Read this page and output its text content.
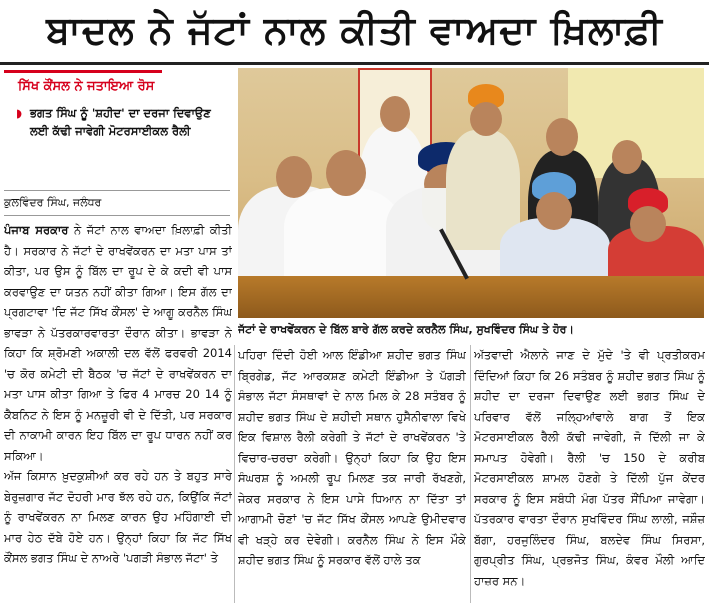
ਬਾਦਲ ਨੇ ਜੱਟਾਂ ਨਾਲ ਕੀਤੀ ਵਾਅਦਾ ਖ਼ਿਲਾਫ਼ੀ
ਸਿੱਖ ਕੌਂਸਲ ਨੇ ਜਤਾਇਆ ਰੋਸ
◗ ਭਗਤ ਸਿੰਘ ਨੂੰ 'ਸ਼ਹੀਦ' ਦਾ ਦਰਜਾ ਦਿਵਾਉਣ ਲਈ ਕੱਢੀ ਜਾਵੇਗੀ ਮੋਟਰਸਾਈਕਲ ਰੈਲੀ
ਕੁਲਵਿੰਦਰ ਸਿੰਘ, ਜਲੰਧਰ
ਪੰਜਾਬ ਸਰਕਾਰ ਨੇ ਜੱਟਾਂ ਨਾਲ ਵਾਅਦਾ ਖ਼ਿਲਾਫ਼ੀ ਕੀਤੀ ਹੈ। ਸਰਕਾਰ ਨੇ ਜੱਟਾਂ ਦੇ ਰਾਖਵੇਂਕਰਨ ਦਾ ਮਤਾ ਪਾਸ ਤਾਂ ਕੀਤਾ, ਪਰ ਉਸ ਨੂੰ ਬਿੱਲ ਦਾ ਰੂਪ ਦੇ ਕੇ ਕਦੀ ਵੀ ਪਾਸ ਕਰਵਾਉਣ ਦਾ ਯਤਨ ਨਹੀਂ ਕੀਤਾ ਗਿਆ। ਇਸ ਗੱਲ ਦਾ ਪ੍ਰਗਟਾਵਾ 'ਦਿ ਜੱਟ ਸਿੱਖ ਕੌਂਸਲ' ਦੇ ਆਗੂ ਕਰਨੈਲ ਸਿੰਘ ਭਾਵੜਾ ਨੇ ਪੱਤਰਕਾਰਵਾਰਤਾ ਦੌਰਾਨ ਕੀਤਾ। ਭਾਵੜਾ ਨੇ ਕਿਹਾ ਕਿ ਸ਼੍ਰੋਮਣੀ ਅਕਾਲੀ ਦਲ ਵੱਲੋਂ ਫਰਵਰੀ 2014 'ਚ ਕੋਰ ਕਮੇਟੀ ਦੀ ਬੈਠਕ 'ਚ ਜੱਟਾਂ ਦੇ ਰਾਖਵੇਂਕਰਨ ਦਾ ਮਤਾ ਪਾਸ ਕੀਤਾ ਗਿਆ ਤੇ ਫਿਰ 4 ਮਾਰਚ 20 14 ਨੂੰ ਕੈਬਨਿਟ ਨੇ ਇਸ ਨੂੰ ਮਨਜ਼ੂਰੀ ਵੀ ਦੇ ਦਿੱਤੀ, ਪਰ ਸਰਕਾਰ ਦੀ ਨਾਕਾਮੀ ਕਾਰਨ ਇਹ ਬਿੱਲ ਦਾ ਰੂਪ ਧਾਰਨ ਨਹੀਂ ਕਰ ਸਕਿਆ।
ਜੱਟਾਂ ਦੇ ਰਾਖਵੇਂਕਰਨ ਦੇ ਬਿੱਲ ਬਾਰੇ ਗੱਲ ਕਰਦੇ ਕਰਨੈਲ ਸਿੰਘ, ਸੁਖਵਿੰਦਰ ਸਿੰਘ ਤੇ ਹੋਰ।
ਅੱਜ ਕਿਸਾਨ ਖ਼ੁਦਕੁਸ਼ੀਆਂ ਕਰ ਰਹੇ ਹਨ ਤੇ ਬਹੁਤ ਸਾਰੇ ਬੇਰੁਜ਼ਗਾਰ ਜੱਟ ਦੋਹਰੀ ਮਾਰ ਝੱਲ ਰਹੇ ਹਨ, ਕਿਉਂਕਿ ਜੱਟਾਂ ਨੂੰ ਰਾਖਵੇਂਕਰਨ ਨਾ ਮਿਲਣ ਕਾਰਨ ਉਹ ਮਹਿੰਗਾਈ ਦੀ ਮਾਰ ਹੇਠ ਦੱਬੇ ਹੋਏ ਹਨ। ਉਨ੍ਹਾਂ ਕਿਹਾ ਕਿ ਜੱਟ ਸਿੱਖ ਕੌਂਸਲ ਭਗਤ ਸਿੰਘ ਦੇ ਨਾਅਰੇ 'ਪਗੜੀ ਸੰਭਾਲ ਜੱਟਾ' ਤੇ
ਪਹਿਰਾ ਦਿੰਦੀ ਹੋਈ ਆਲ ਇੰਡੀਆ ਸ਼ਹੀਦ ਭਗਤ ਸਿੰਘ ਬ੍ਰਿਗੇਡ, ਜੱਟ ਆਰਕਸ਼ਣ ਕਮੇਟੀ ਇੰਡੀਆ ਤੇ ਪੱਗੜੀ ਸੰਭਾਲ ਜੱਟਾ ਸੰਸਥਾਵਾਂ ਦੇ ਨਾਲ ਮਿਲ ਕੇ 28 ਸਤੰਬਰ ਨੂੰ ਸ਼ਹੀਦ ਭਗਤ ਸਿੰਘ ਦੇ ਸ਼ਹੀਦੀ ਸਥਾਨ ਹੁਸੈਨੀਵਾਲਾ ਵਿਖੇ ਇਕ ਵਿਸ਼ਾਲ ਰੈਲੀ ਕਰੇਗੀ ਤੇ ਜੱਟਾਂ ਦੇ ਰਾਖਵੇਂਕਰਨ 'ਤੇ ਵਿਚਾਰ-ਚਰਚਾ ਕਰੇਗੀ। ਉਨ੍ਹਾਂ ਕਿਹਾ ਕਿ ਉਹ ਇਸ ਸੰਘਰਸ਼ ਨੂੰ ਅਮਲੀ ਰੂਪ ਮਿਲਣ ਤਕ ਜਾਰੀ ਰੱਖਣਗੇ, ਜੇਕਰ ਸਰਕਾਰ ਨੇ ਇਸ ਪਾਸੇ ਧਿਆਨ ਨਾ ਦਿੱਤਾ ਤਾਂ ਆਗਾਮੀ ਚੋਣਾਂ 'ਚ ਜੱਟ ਸਿੱਖ ਕੌਂਸਲ ਆਪਣੇ ਉਮੀਦਵਾਰ ਵੀ ਖੜ੍ਹੇ ਕਰ ਦੇਵੇਗੀ। ਕਰਨੈਲ ਸਿੰਘ ਨੇ ਇਸ ਮੌਕੇ ਸ਼ਹੀਦ ਭਗਤ ਸਿੰਘ ਨੂੰ ਸਰਕਾਰ ਵੱਲੋਂ ਹਾਲੇ ਤਕ
ਅੱਤਵਾਦੀ ਐਲਾਨੇ ਜਾਣ ਦੇ ਮੁੱਦੇ 'ਤੇ ਵੀ ਪ੍ਰਤੀਕਰਮ ਦਿੰਦਿਆਂ ਕਿਹਾ ਕਿ 26 ਸਤੰਬਰ ਨੂੰ ਸ਼ਹੀਦ ਭਗਤ ਸਿੰਘ ਨੂੰ ਸ਼ਹੀਦ ਦਾ ਦਰਜਾ ਦਿਵਾਉਣ ਲਈ ਭਗਤ ਸਿੰਘ ਦੇ ਪਰਿਵਾਰ ਵੱਲੋਂ ਜਲ੍ਹਿਆਂਵਾਲੇ ਬਾਗ ਤੋਂ ਇਕ ਮੋਟਰਸਾਈਕਲ ਰੈਲੀ ਕੱਢੀ ਜਾਵੇਗੀ, ਜੋ ਦਿੱਲੀ ਜਾ ਕੇ ਸਮਾਪਤ ਹੋਵੇਗੀ। ਰੈਲੀ 'ਚ 150 ਦੇ ਕਰੀਬ ਮੋਟਰਸਾਈਕਲ ਸ਼ਾਮਲ ਹੋਣਗੇ ਤੇ ਦਿੱਲੀ ਪੁੱਜ ਕੇਂਦਰ ਸਰਕਾਰ ਨੂੰ ਇਸ ਸਬੰਧੀ ਮੰਗ ਪੱਤਰ ਸੌਂਪਿਆ ਜਾਵੇਗਾ। ਪੱਤਰਕਾਰ ਵਾਰਤਾ ਦੌਰਾਨ ਸੁਖਵਿੰਦਰ ਸਿੰਘ ਲਾਲੀ, ਜਸ਼ੌਜ਼ ਬੱਗਾ, ਹਰਜੁਲਿੰਦਰ ਸਿੰਘ, ਬਲਦੇਵ ਸਿੰਘ ਸਿਰਸਾ, ਗੁਰਪ੍ਰੀਤ ਸਿੰਘ, ਪ੍ਰਭਜੋਤ ਸਿੰਘ, ਕੰਵਰ ਮੌਲੀ ਆਦਿ ਹਾਜ਼ਰ ਸਨ।
